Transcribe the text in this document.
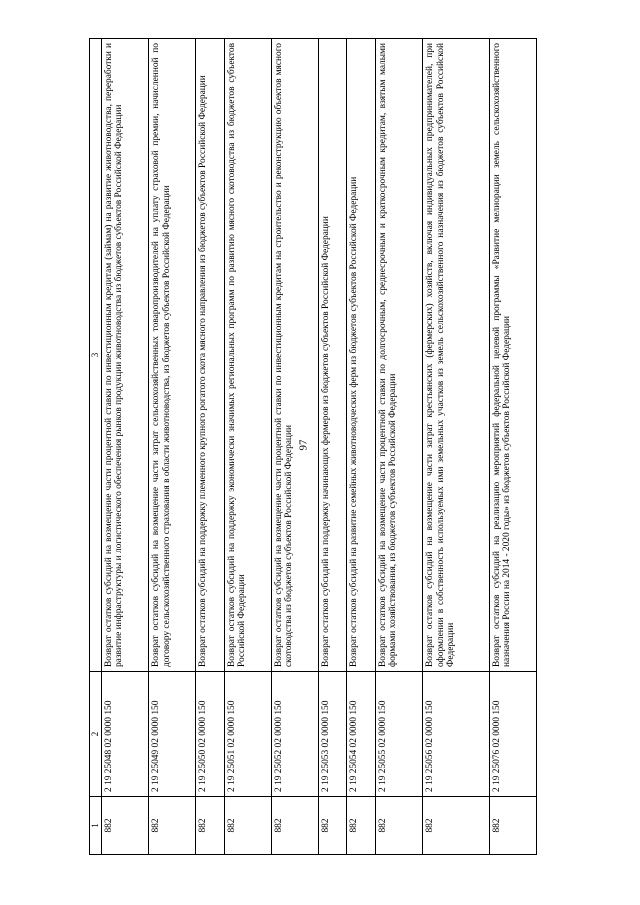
97
1	2	3
882	2 19 25048 02 0000 150	Возврат остатков субсидий на возмещение части процентной ставки по инвестиционным кредитам (займам) на развитие животноводства, переработки и развитие инфраструктуры и логистического обеспечения рынков продукции животноводства из бюджетов субъектов Российской Федерации
882	2 19 25049 02 0000 150	Возврат остатков субсидий на возмещение части затрат сельскохозяйственных товаропроизводителей на уплату страховой премии, начисленной по договору сельскохозяйственного страхования в области животноводства, из бюджетов субъектов Российской Федерации
882	2 19 25050 02 0000 150	Возврат остатков субсидий на поддержку племенного крупного рогатого скота мясного направления из бюджетов субъектов Российской Федерации
882	2 19 25051 02 0000 150	Возврат остатков субсидий на поддержку экономически значимых региональных программ по развитию мясного скотоводства из бюджетов субъектов Российской Федерации
882	2 19 25052 02 0000 150	Возврат остатков субсидий на возмещение части процентной ставки по инвестиционным кредитам на строительство и реконструкцию объектов мясного скотоводства из бюджетов субъектов Российской Федерации
882	2 19 25053 02 0000 150	Возврат остатков субсидий на поддержку начинающих фермеров из бюджетов субъектов Российской Федерации
882	2 19 25054 02 0000 150	Возврат остатков субсидий на развитие семейных животноводческих ферм из бюджетов субъектов Российской Федерации
882	2 19 25055 02 0000 150	Возврат остатков субсидий на возмещение части процентной ставки по долгосрочным, среднесрочным и краткосрочным кредитам, взятым малыми формами хозяйствования, из бюджетов субъектов Российской Федерации
882	2 19 25056 02 0000 150	Возврат остатков субсидий на возмещение части затрат крестьянских (фермерских) хозяйств, включая индивидуальных предпринимателей, при оформлении в собственность используемых ими земельных участков из земель сельскохозяйственного назначения из бюджетов субъектов Российской Федерации
882	2 19 25076 02 0000 150	Возврат остатков субсидий на реализацию мероприятий федеральной целевой программы «Развитие мелиорации земель сельскохозяйственного назначения России на 2014 - 2020 годы» из бюджетов субъектов Российской Федерации
